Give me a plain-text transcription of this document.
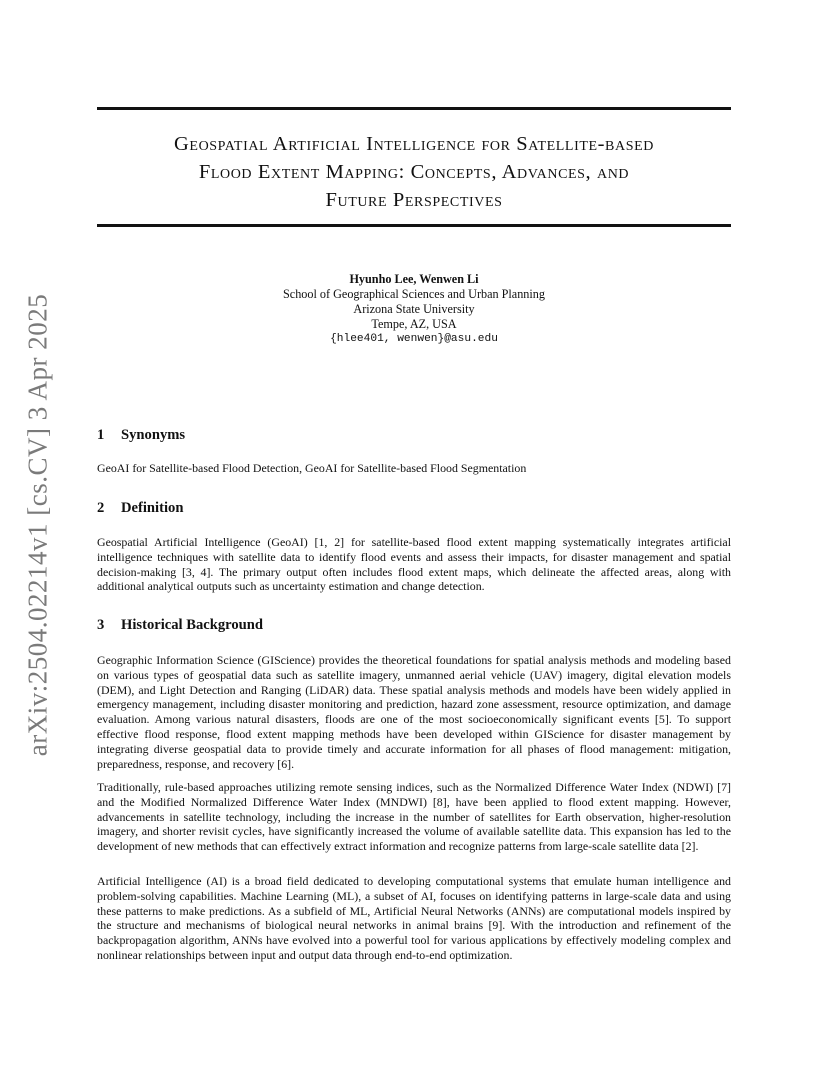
arXiv:2504.02214v1 [cs.CV] 3 Apr 2025
Geospatial Artificial Intelligence for Satellite-based
Flood Extent Mapping: Concepts, Advances, and
Future Perspectives
Hyunho Lee, Wenwen Li
School of Geographical Sciences and Urban Planning
Arizona State University
Tempe, AZ, USA
{hlee401, wenwen}@asu.edu
1 Synonyms

GeoAI for Satellite-based Flood Detection, GeoAI for Satellite-based Flood Segmentation

2 Definition

Geospatial Artificial Intelligence (GeoAI) [1, 2] for satellite-based flood extent mapping systematically integrates artificial intelligence techniques with satellite data to identify flood events and assess their impacts, for disaster management and spatial decision-making [3, 4]. The primary output often includes flood extent maps, which delineate the affected areas, along with additional analytical outputs such as uncertainty estimation and change detection.

3 Historical Background

Geographic Information Science (GIScience) provides the theoretical foundations for spatial analysis methods and modeling based on various types of geospatial data such as satellite imagery, unmanned aerial vehicle (UAV) imagery, digital elevation models (DEM), and Light Detection and Ranging (LiDAR) data. These spatial analysis methods and models have been widely applied in emergency management, including disaster monitoring and prediction, hazard zone assessment, resource optimization, and damage evaluation. Among various natural disasters, floods are one of the most socioeconomically significant events [5]. To support effective flood response, flood extent mapping methods have been developed within GIScience for disaster management by integrating diverse geospatial data to provide timely and accurate information for all phases of flood management: mitigation, preparedness, response, and recovery [6].

Traditionally, rule-based approaches utilizing remote sensing indices, such as the Normalized Difference Water Index (NDWI) [7] and the Modified Normalized Difference Water Index (MNDWI) [8], have been applied to flood extent mapping. However, advancements in satellite technology, including the increase in the number of satellites for Earth observation, higher-resolution imagery, and shorter revisit cycles, have significantly increased the volume of available satellite data. This expansion has led to the development of new methods that can effectively extract information and recognize patterns from large-scale satellite data [2].

Artificial Intelligence (AI) is a broad field dedicated to developing computational systems that emulate human intelligence and problem-solving capabilities. Machine Learning (ML), a subset of AI, focuses on identifying patterns in large-scale data and using these patterns to make predictions. As a subfield of ML, Artificial Neural Networks (ANNs) are computational models inspired by the structure and mechanisms of biological neural networks in animal brains [9]. With the introduction and refinement of the backpropagation algorithm, ANNs have evolved into a powerful tool for various applications by effectively modeling complex and nonlinear relationships between input and output data through end-to-end optimization.
